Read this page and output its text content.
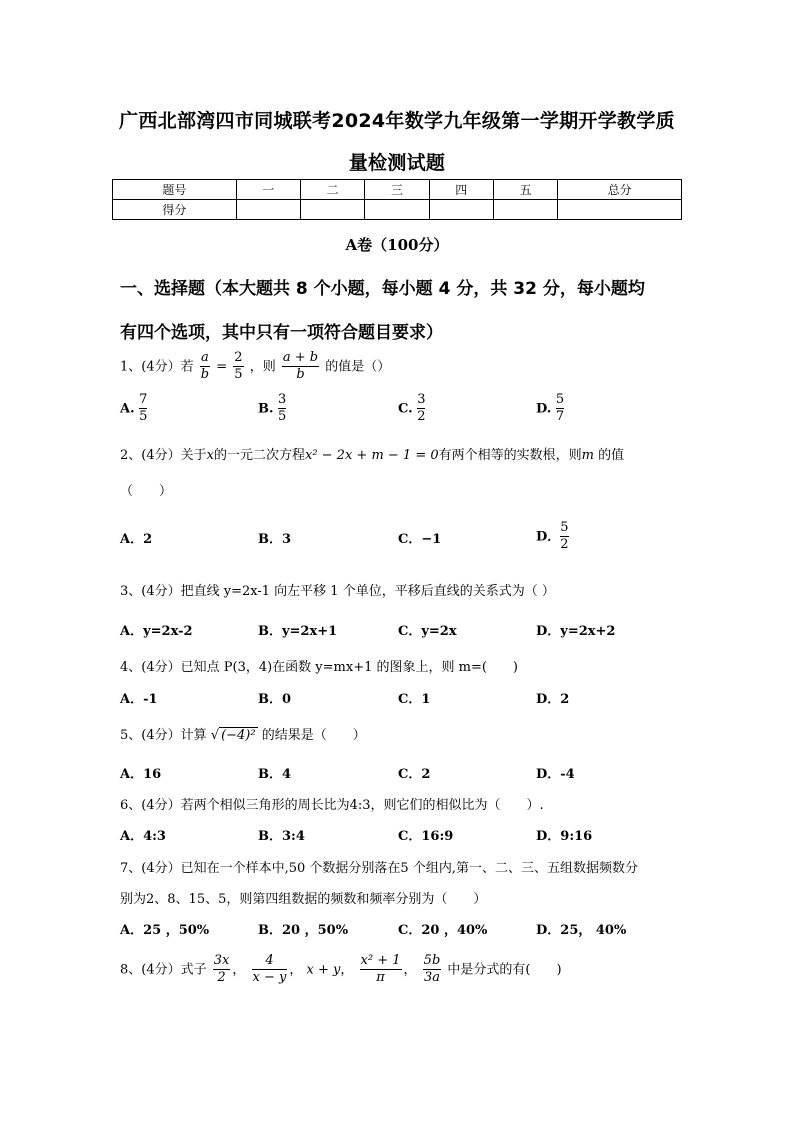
广西北部湾四市同城联考2024年数学九年级第一学期开学教学质
量检测试题
题号	一	二	三	四	五	总分
得分						
A卷（100分）
一、选择题（本大题共 8 个小题，每小题 4 分，共 32 分，每小题均
有四个选项，其中只有一项符合题目要求）
1、(4分）若 $\frac{a}{b} = \frac{2}{5}$ ，则 $\frac{a + b}{b}$ 的值是（）
A. $\frac{7}{5}$	B. $\frac{3}{5}$	C. $\frac{3}{2}$	D. $\frac{5}{7}$
2、(4分）关于x的一元二次方程x² − 2x + m − 1 = 0有两个相等的实数根，则m 的值
（　　）
A．2	B．3	C．−1	D． $\frac{5}{2}$
3、(4分）把直线 y=2x-1 向左平移 1 个单位，平移后直线的关系式为（ ）
A．y=2x-2	B．y=2x+1	C．y=2x	D．y=2x+2
4、(4分）已知点 P(3，4)在函数 y=mx+1 的图象上，则 m=(　　)
A．-1	B．0	C．1	D．2
5、(4分）计算 √ (−4)² 的结果是（　　）
A．16	B．4	C．2	D．-4
6、(4分）若两个相似三角形的周长比为4:3，则它们的相似比为（　　）.
A．4:3	B．3:4	C．16:9	D．9:16
7、(4分）已知在一个样本中,50 个数据分别落在5 个组内,第一、二、三、五组数据频数分
别为2、8、15、5，则第四组数据的频数和频率分别为（　　）
A．25 ，50%	B．20 ，50%	C．20 ，40%	D．25， 40%
8、(4分）式子 $\frac{3x}{2}$ ， $\frac{4}{x - y}$ ， x + y， $\frac{\text{x² + 1}}{\pi}$ ， $\frac{5b}{3a}$ 中是分式的有(　　)
